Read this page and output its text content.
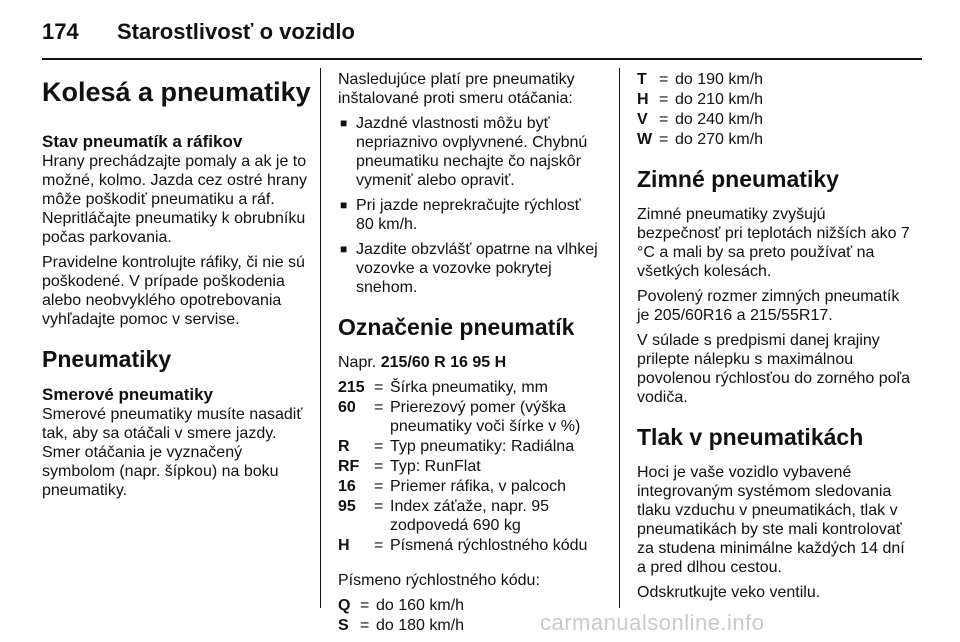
174 Starostlivosť o vozidlo
Kolesá a pneumatiky
Stav pneumatík a ráfikov

Hrany prechádzajte pomaly a ak je to možné, kolmo. Jazda cez ostré hrany môže poškodiť pneumatiku a ráf. Nepritláčajte pneumatiky k obrubníku počas parkovania.

Pravidelne kontrolujte ráfiky, či nie sú poškodené. V prípade poškodenia alebo neobvyklého opotrebovania vyhľadajte pomoc v servise.

Pneumatiky
Smerové pneumatiky

Smerové pneumatiky musíte nasadiť tak, aby sa otáčali v smere jazdy. Smer otáčania je vyznačený symbolom (napr. šípkou) na boku pneumatiky.

Nasledujúce platí pre pneumatiky inštalované proti smeru otáčania:

■ Jazdné vlastnosti môžu byť nepriaznivo ovplyvnené. Chybnú pneumatiku nechajte čo najskôr vymeniť alebo opraviť.
■ Pri jazde neprekračujte rýchlosť 80 km/h.
■ Jazdite obzvlášť opatrne na vlhkej vozovke a vozovke pokrytej snehom.
Označenie pneumatík

Napr. 215/60 R 16 95 H

215 = Šírka pneumatiky, mm
60	= Prierezový pomer (výška pneumatiky voči šírke v %)
R	= Typ pneumatiky: Radiálna
RF = Typ: RunFlat
16	= Priemer ráfika, v palcoch
95	= Index záťaže, napr. 95 zodpovedá 690 kg
H	= Písmená rýchlostného kódu

Písmeno rýchlostného kódu:

Q = do 160 km/h
S = do 180 km/h
T = do 190 km/h
H = do 210 km/h
V = do 240 km/h
W = do 270 km/h
Zimné pneumatiky

Zimné pneumatiky zvyšujú bezpečnosť pri teplotách nižších ako 7 °C a mali by sa preto používať na všetkých kolesách.

Povolený rozmer zimných pneumatík je 205/60R16 a 215/55R17.

V súlade s predpismi danej krajiny prilepte nálepku s maximálnou povolenou rýchlosťou do zorného poľa vodiča.

Tlak v pneumatikách

Hoci je vaše vozidlo vybavené integrovaným systémom sledovania tlaku vzduchu v pneumatikách, tlak v pneumatikách by ste mali kontrolovať za studena minimálne každých 14 dní a pred dlhou cestou.

Odskrutkujte veko ventilu.

carmanualsonline.info
